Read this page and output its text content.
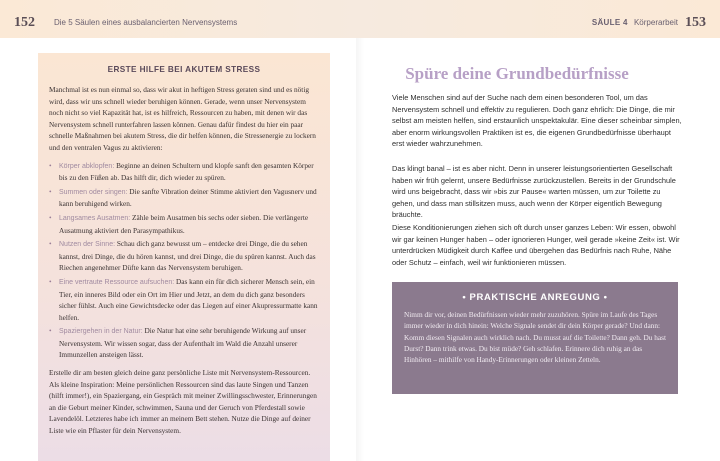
152 Die 5 Säulen eines ausbalancierten Nervensystems	SÄULE 4 Körperarbeit 153
ERSTE HILFE BEI AKUTEM STRESS

Manchmal ist es nun einmal so, dass wir akut in heftigen Stress geraten sind und es nötig wird, dass wir uns schnell wieder beruhigen können. Gerade, wenn unser Nervensystem noch nicht so viel Kapazität hat, ist es hilfreich, Ressourcen zu haben, mit denen wir das Nervensystem schnell runterfahren lassen können. Genau dafür findest du hier ein paar schnelle Maßnahmen bei akutem Stress, die dir helfen können, die Stressenergie zu lockern und den ventralen Vagus zu aktivieren:

• Körper abklopfen: Beginne an deinen Schultern und klopfe sanft den gesamten Körper bis zu den Füßen ab. Das hilft dir, dich wieder zu spüren.
• Summen oder singen: Die sanfte Vibration deiner Stimme aktiviert den Vagusnerv und kann beruhigend wirken.
• Langsames Ausatmen: Zähle beim Ausatmen bis sechs oder sieben. Die verlängerte Ausatmung aktiviert den Parasympathikus.
• Nutzen der Sinne: Schau dich ganz bewusst um – entdecke drei Dinge, die du sehen kannst, drei Dinge, die du hören kannst, und drei Dinge, die du spüren kannst. Auch das Riechen angenehmer Düfte kann das Nervensystem beruhigen.
• Eine vertraute Ressource aufsuchen: Das kann ein für dich sicherer Mensch sein, ein Tier, ein inneres Bild oder ein Ort im Hier und Jetzt, an dem du dich ganz besonders sicher fühlst. Auch eine Gewichtsdecke oder das Liegen auf einer Akupressurmatte kann helfen.
• Spaziergehen in der Natur: Die Natur hat eine sehr beruhigende Wirkung auf unser Nervensystem. Wir wissen sogar, dass der Aufenthalt im Wald die Anzahl unserer Immunzellen ansteigen lässt.

Erstelle dir am besten gleich deine ganz persönliche Liste mit Nervensystem-Ressourcen. Als kleine Inspiration: Meine persönlichen Ressourcen sind das laute Singen und Tanzen (hilft immer!), ein Spaziergang, ein Gespräch mit meiner Zwillingsschwester, Erinnerungen an die Geburt meiner Kinder, schwimmen, Sauna und der Geruch von Pferdestall sowie Lavendelöl. Letzteres habe ich immer an meinem Bett stehen. Nutze die Dinge auf deiner Liste wie ein Pflaster für dein Nervensystem.

Spüre deine Grundbedürfnisse

Viele Menschen sind auf der Suche nach dem einen besonderen Tool, um das Nervensystem schnell und effektiv zu regulieren. Doch ganz ehrlich: Die Dinge, die mir selbst am meisten helfen, sind erstaunlich unspektakulär. Eine dieser scheinbar simplen, aber enorm wirkungsvollen Praktiken ist es, die eigenen Grundbedürfnisse überhaupt erst wieder wahrzunehmen.

Das klingt banal – ist es aber nicht. Denn in unserer leistungsorientierten Gesellschaft haben wir früh gelernt, unsere Bedürfnisse zurückzustellen. Bereits in der Grundschule wird uns beigebracht, dass wir »bis zur Pause« warten müssen, um zur Toilette zu gehen, und dass man stillsitzen muss, auch wenn der Körper eigentlich Bewegung bräuchte.

Diese Konditionierungen ziehen sich oft durch unser ganzes Leben: Wir essen, obwohl wir gar keinen Hunger haben – oder ignorieren Hunger, weil gerade »keine Zeit« ist. Wir unterdrücken Müdigkeit durch Kaffee und übergehen das Bedürfnis nach Ruhe, Nähe oder Schutz – einfach, weil wir funktionieren müssen.

• PRAKTISCHE ANREGUNG •

Nimm dir vor, deinen Bedürfnissen wieder mehr zuzuhören. Spüre im Laufe des Tages immer wieder in dich hinein: Welche Signale sendet dir dein Körper gerade? Und dann: Komm diesen Signalen auch wirklich nach. Du musst auf die Toilette? Dann geh. Du hast Durst? Dann trink etwas. Du bist müde? Geh schlafen. Erinnere dich ruhig an das Hinhören – mithilfe von Handy-Erinnerungen oder kleinen Zetteln.
